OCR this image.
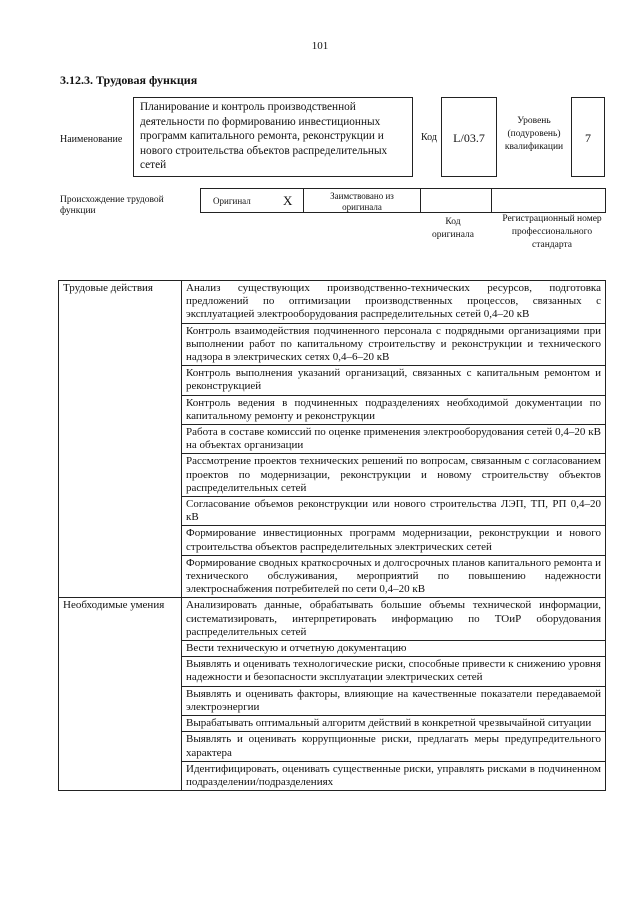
101
3.12.3. Трудовая функция
Наименование
Планирование и контроль производственной деятельности по формированию инвестиционных программ капитального ремонта, реконструкции и нового строительства объектов распределительных сетей
Код	L/03.7
Уровень (подуровень) квалификации
7
Происхождение трудовой функции
Оригинал X	Заимствовано из оригинала
Код оригинала
Регистрационный номер профессионального стандарта
Трудовые действия	Анализ существующих производственно-технических ресурсов, подготовка предложений по оптимизации производственных процессов, связанных с эксплуатацией электрооборудования распределительных сетей 0,4–20 кВ

	Контроль взаимодействия подчиненного персонала с подрядными организациями при выполнении работ по капитальному строительству и реконструкции и технического надзора в электрических сетях 0,4–6–20 кВ

	Контроль выполнения указаний организаций, связанных с капитальным ремонтом и реконструкцией

	Контроль ведения в подчиненных подразделениях необходимой документации по капитальному ремонту и реконструкции

	Работа в составе комиссий по оценке применения электрооборудования сетей 0,4–20 кВ на объектах организации

	Рассмотрение проектов технических решений по вопросам, связанным с согласованием проектов по модернизации, реконструкции и новому строительству объектов распределительных сетей

	Согласование объемов реконструкции или нового строительства ЛЭП, ТП, РП 0,4–20 кВ

	Формирование инвестиционных программ модернизации, реконструкции и нового строительства объектов распределительных электрических сетей

	Формирование сводных краткосрочных и долгосрочных планов капитального ремонта и технического обслуживания, мероприятий по повышению надежности электроснабжения потребителей по сети 0,4–20 кВ

Необходимые умения	Анализировать данные, обрабатывать большие объемы технической информации, систематизировать, интерпретировать информацию по ТОиР оборудования распределительных сетей

	Вести техническую и отчетную документацию

	Выявлять и оценивать технологические риски, способные привести к снижению уровня надежности и безопасности эксплуатации электрических сетей

	Выявлять и оценивать факторы, влияющие на качественные показатели передаваемой электроэнергии

	Вырабатывать оптимальный алгоритм действий в конкретной чрезвычайной ситуации

	Выявлять и оценивать коррупционные риски, предлагать меры предупредительного характера

	Идентифицировать, оценивать существенные риски, управлять рисками в подчиненном подразделении/подразделениях
